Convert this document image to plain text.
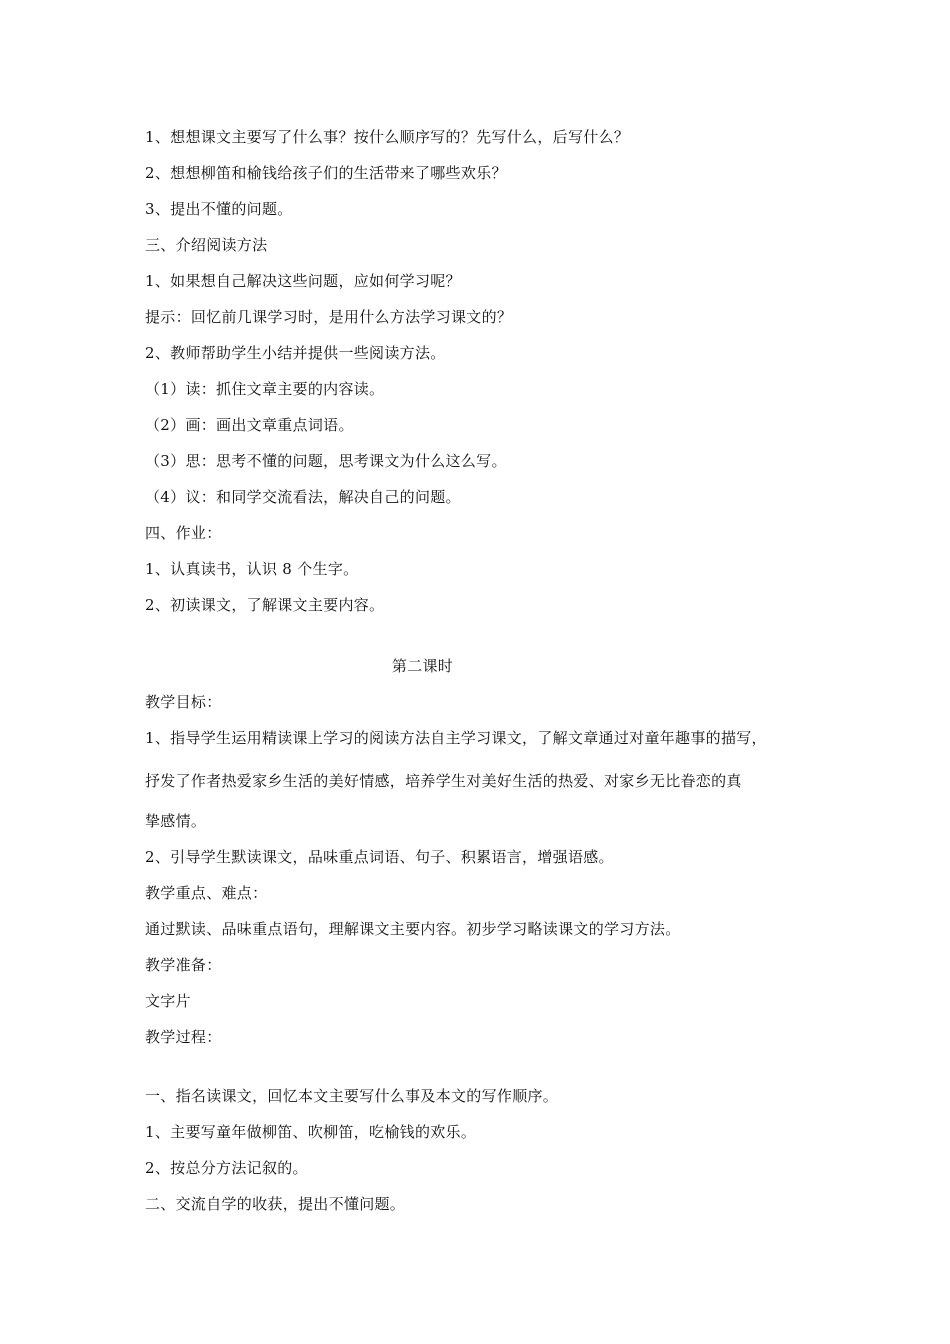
1、想想课文主要写了什么事？按什么顺序写的？先写什么，后写什么？
2、想想柳笛和榆钱给孩子们的生活带来了哪些欢乐？
3、提出不懂的问题。
三、介绍阅读方法
1、如果想自己解决这些问题，应如何学习呢？
提示：回忆前几课学习时，是用什么方法学习课文的？
2、教师帮助学生小结并提供一些阅读方法。
（1）读：抓住文章主要的内容读。
（2）画：画出文章重点词语。
（3）思：思考不懂的问题，思考课文为什么这么写。
（4）议：和同学交流看法，解决自己的问题。
四、作业：
1、认真读书，认识 8 个生字。
2、初读课文，了解课文主要内容。
第二课时
教学目标：
1、指导学生运用精读课上学习的阅读方法自主学习课文，了解文章通过对童年趣事的描写，
抒发了作者热爱家乡生活的美好情感，培养学生对美好生活的热爱、对家乡无比眷恋的真
挚感情。
2、引导学生默读课文，品味重点词语、句子、积累语言，增强语感。
教学重点、难点：
通过默读、品味重点语句，理解课文主要内容。初步学习略读课文的学习方法。
教学准备：
文字片
教学过程：
一、指名读课文，回忆本文主要写什么事及本文的写作顺序。
1、主要写童年做柳笛、吹柳笛，吃榆钱的欢乐。
2、按总分方法记叙的。
二、交流自学的收获，提出不懂问题。
